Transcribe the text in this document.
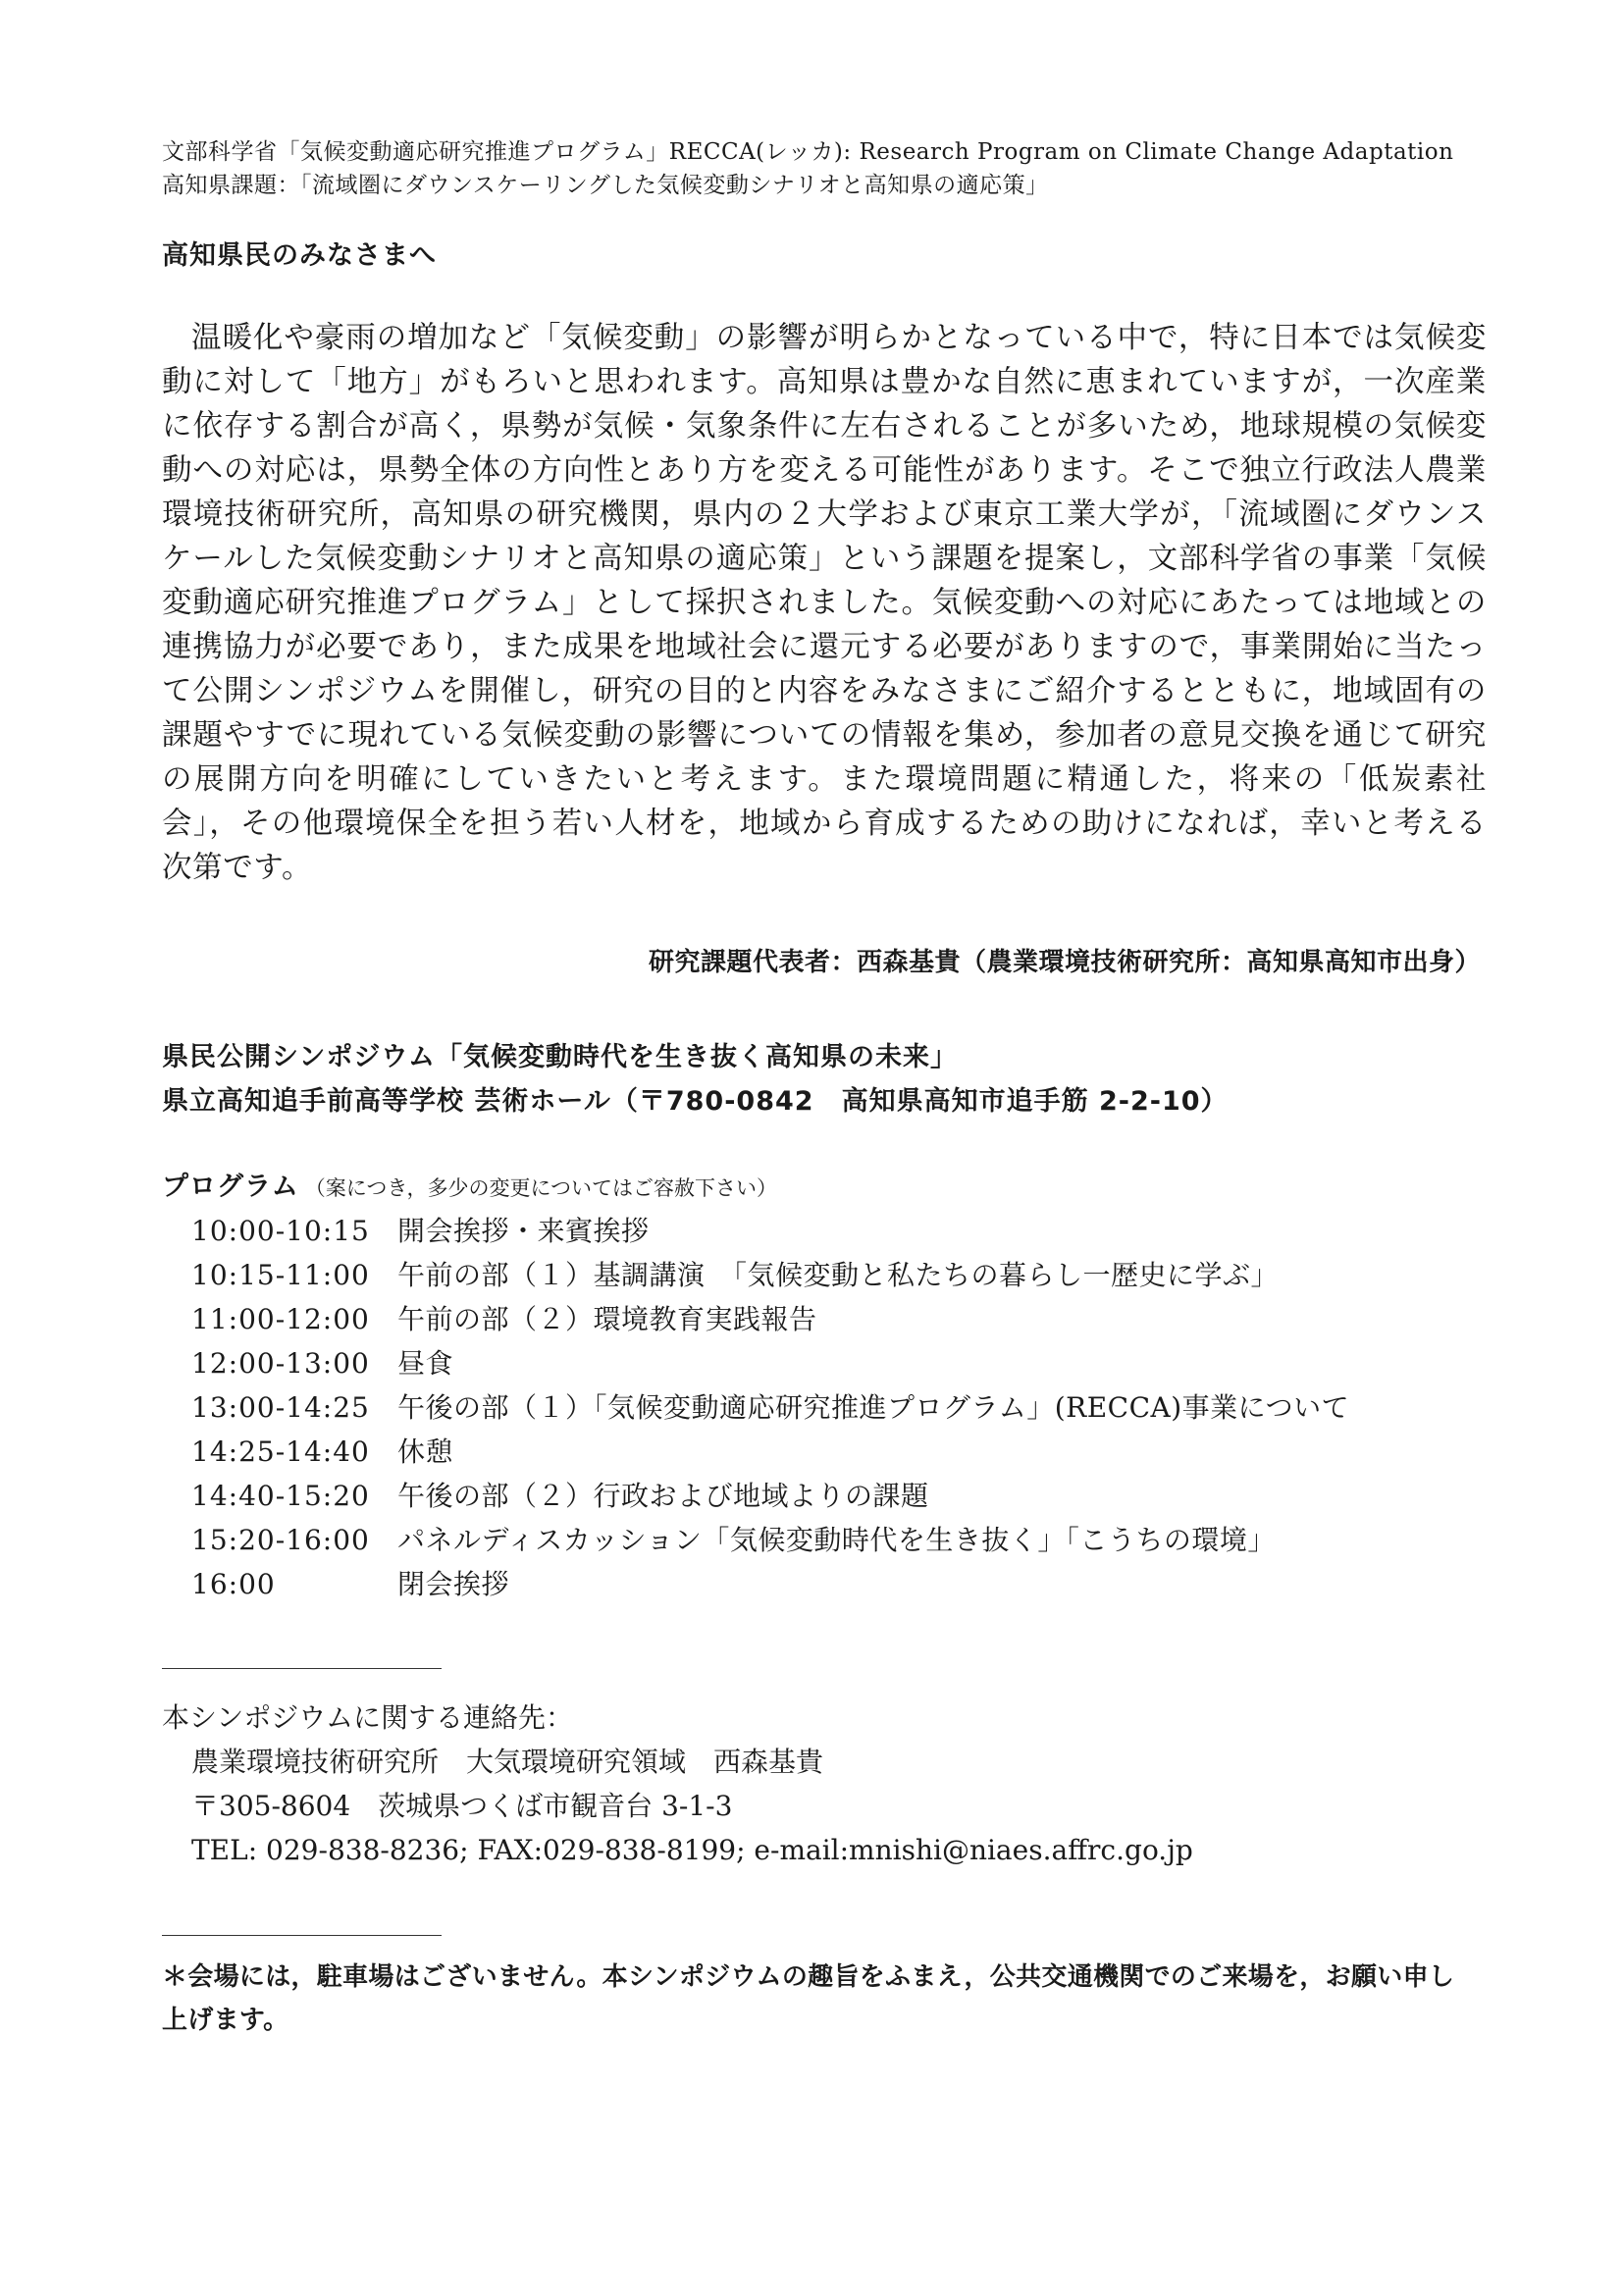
文部科学省「気候変動適応研究推進プログラム」RECCA(レッカ): Research Program on Climate Change Adaptation
高知県課題：「流域圏にダウンスケーリングした気候変動シナリオと高知県の適応策」
高知県民のみなさまへ
温暖化や豪雨の増加など「気候変動」の影響が明らかとなっている中で，特に日本では気候変動に対して「地方」がもろいと思われます。高知県は豊かな自然に恵まれていますが，一次産業に依存する割合が高く，県勢が気候・気象条件に左右されることが多いため，地球規模の気候変動への対応は，県勢全体の方向性とあり方を変える可能性があります。そこで独立行政法人農業環境技術研究所，高知県の研究機関，県内の２大学および東京工業大学が，「流域圏にダウンスケールした気候変動シナリオと高知県の適応策」という課題を提案し，文部科学省の事業「気候変動適応研究推進プログラム」として採択されました。気候変動への対応にあたっては地域との連携協力が必要であり，また成果を地域社会に還元する必要がありますので，事業開始に当たって公開シンポジウムを開催し，研究の目的と内容をみなさまにご紹介するとともに，地域固有の課題やすでに現れている気候変動の影響についての情報を集め，参加者の意見交換を通じて研究の展開方向を明確にしていきたいと考えます。また環境問題に精通した，将来の「低炭素社会」，その他環境保全を担う若い人材を，地域から育成するための助けになれば，幸いと考える次第です。
研究課題代表者：西森基貴（農業環境技術研究所：高知県高知市出身）
県民公開シンポジウム「気候変動時代を生き抜く高知県の未来」
県立高知追手前高等学校 芸術ホール（〒780-0842　高知県高知市追手筋 2-2-10）
プログラム （案につき，多少の変更についてはご容赦下さい）
10:00-10:15	開会挨拶・来賓挨拶
10:15-11:00	午前の部（１）基調講演　「気候変動と私たちの暮らし一歴史に学ぶ」
11:00-12:00	午前の部（２）環境教育実践報告
12:00-13:00	昼食
13:00-14:25	午後の部（１）「気候変動適応研究推進プログラム」(RECCA)事業について
14:25-14:40	休憩
14:40-15:20	午後の部（２）行政および地域よりの課題
15:20-16:00	パネルディスカッション「気候変動時代を生き抜く」「こうちの環境」
16:00	閉会挨拶
本シンポジウムに関する連絡先：
農業環境技術研究所　大気環境研究領域　西森基貴
〒305-8604　茨城県つくば市観音台 3-1-3
TEL: 029-838-8236; FAX:029-838-8199; e-mail:mnishi@niaes.affrc.go.jp
＊会場には，駐車場はございません。本シンポジウムの趣旨をふまえ，公共交通機関でのご来場を，お願い申し上げます。
